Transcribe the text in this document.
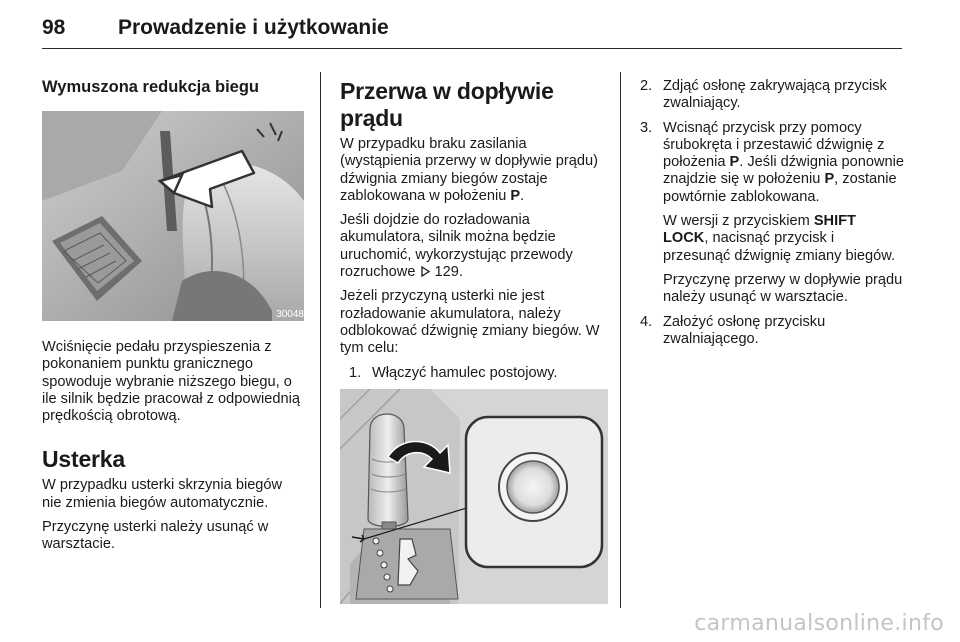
98	Prowadzenie i użytkowanie
Wymuszona redukcja biegu
30048

Wciśnięcie pedału przyspieszenia z pokonaniem punktu granicznego spowoduje wybranie niższego biegu, o ile silnik będzie pracował z odpowiednią prędkością obrotową.

Usterka

W przypadku usterki skrzynia biegów nie zmienia biegów automatycznie.

Przyczynę usterki należy usunąć w warsztacie.

Przerwa w dopływie prądu

W przypadku braku zasilania (wystąpienia przerwy w dopływie prądu) dźwignia zmiany biegów zostaje zablokowana w położeniu P.

Jeśli dojdzie do rozładowania akumulatora, silnik można będzie uruchomić, wykorzystując przewody rozruchowe  129.

Jeżeli przyczyną usterki nie jest rozładowanie akumulatora, należy odblokować dźwignię zmiany biegów. W tym celu:

1. Włączyć hamulec postojowy.
2. Zdjąć osłonę zakrywającą przycisk zwalniający.
3. Wcisnąć przycisk przy pomocy śrubokręta i przestawić dźwignię z położenia P. Jeśli dźwignia ponownie znajdzie się w położeniu P, zostanie powtórnie zablokowana.

W wersji z przyciskiem SHIFT LOCK, nacisnąć przycisk i przesunąć dźwignię zmiany biegów.

Przyczynę przerwy w dopływie prądu należy usunąć w warsztacie.

4. Założyć osłonę przycisku zwalniającego.
carmanualsonline.info
